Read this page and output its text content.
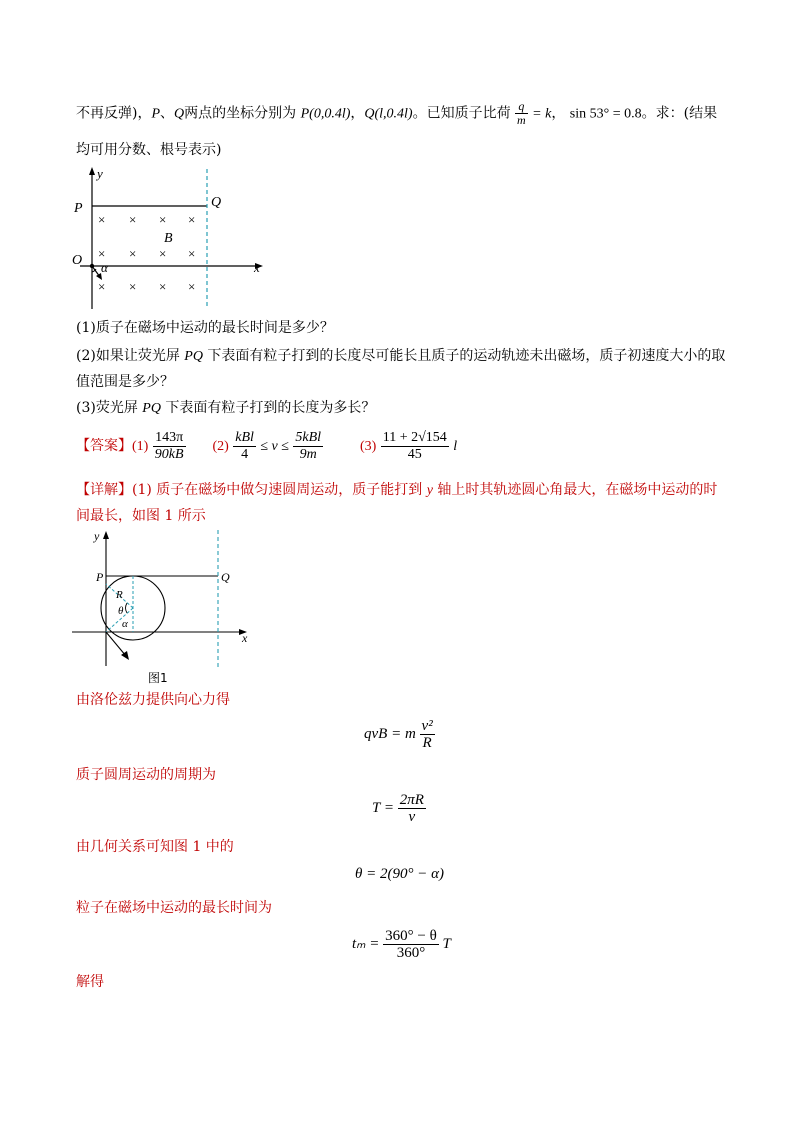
不再反弹)，P、Q两点的坐标分别为 P(0,0.4l)，Q(l,0.4l)。已知质子比荷 $\frac{q}{m} = k$， sin 53° = 0.8。求：(结果
均可用分数、根号表示)
y
x
P	Q
× × × ×
× × × ×
× × × ×
B
O α
(1)质子在磁场中运动的最长时间是多少？
(2)如果让荧光屏 PQ 下表面有粒子打到的长度尽可能长且质子的运动轨迹未出磁场，质子初速度大小的取
值范围是多少？
(3)荧光屏 PQ 下表面有粒子打到的长度为多长？
【答案】$(1) \frac{143\pi}{90kB} (2) \frac{\text{kBl}}{4} \le v \le \frac{\text{5kBl}}{9m}$	$(3) \frac{11 + 2√154}{45}$ l
【详解】(1) 质子在磁场中做匀速圆周运动，质子能打到 y 轴上时其轨迹圆心角最大，在磁场中运动的时
间最长，如图 1 所示
y
x
P	Q
R
θ
α
图1
由洛伦兹力提供向心力得
qvB = m $\frac{\text{v²}}{R}$
质子圆周运动的周期为
$T = \frac{2\pi R}{v}$
由几何关系可知图 1 中的
θ = 2(90° − α)
粒子在磁场中运动的最长时间为
$t_m = \frac{360^\circ - \theta}{360^\circ}$ T
解得
